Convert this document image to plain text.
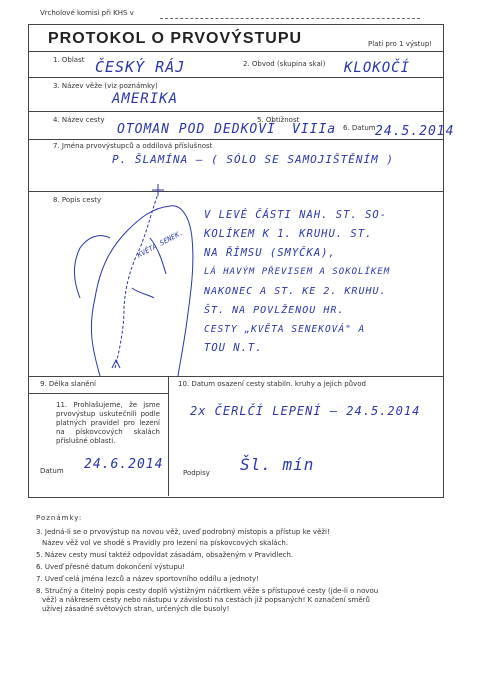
Vrcholové komisi při KHS v
PROTOKOL O PRVOVÝSTUPU	Platí pro 1 výstup!
1. Oblast ČESKÝ RÁJ	2. Obvod (skupina skal) KLOKOČÍ
3. Název věže (viz poznámky)
AMERIKA
4. Název cesty
OTOMAN POD DEDKOVÍ
5. Obtížnost
VIIIa 6. Datum 24.5.2014
7. Jména prvovýstupců a oddílová příslušnost
P. ŠLAMÍNA — ( SÓLO SE SAMOJIŠTĚNÍM )
8. Popis cesty
KVĚTA SENEK.
V LEVÉ ČÁSTI NAH. ST. SO-
KOLÍKEM K 1. KRUHU. ST.
NA ŘÍMSU (SMYČKA),
LÁ HAVÝM PŘEVISEM A SOKOLÍKEM
NAKONEC A ST. KE 2. KRUHU.
ŠT. NA POVLŽENOU HR.
CESTY „KVĚTA SENEKOVÁ" A
TOU N.T.
9. Délka slanění	10. Datum osazení cesty stabiln. kruhy a jejich původ
2x ČERLČÍ LEPENÍ — 24.5.2014
11. Prohlašujeme, že jsme prvovýstup uskutečnili podle platných pravidel pro lezení na pískovcových skalách příslušné oblasti.
Datum 24.6.2014
Podpisy Šl. mín
Poznámky:
3. Jedná-li se o prvovýstup na novou věž, uveď podrobný místopis a přístup ke věži!
Název věž vol ve shodě s Pravidly pro lezení na pískovcových skalách.
5. Název cesty musí taktéž odpovídat zásadám, obsaženým v Pravidlech.
6. Uveď přesné datum dokončení výstupu!
7. Uveď celá jména lezců a název sportovního oddílu a jednoty!
8. Stručný a čitelný popis cesty doplň výstižným náčrtkem věže s přístupové cesty (jde-li o novou
věž) a nákresem cesty nebo nástupu v závislosti na cestách již popsaných! K označení směrů
užívej zásadně světových stran, určených dle busoly!
